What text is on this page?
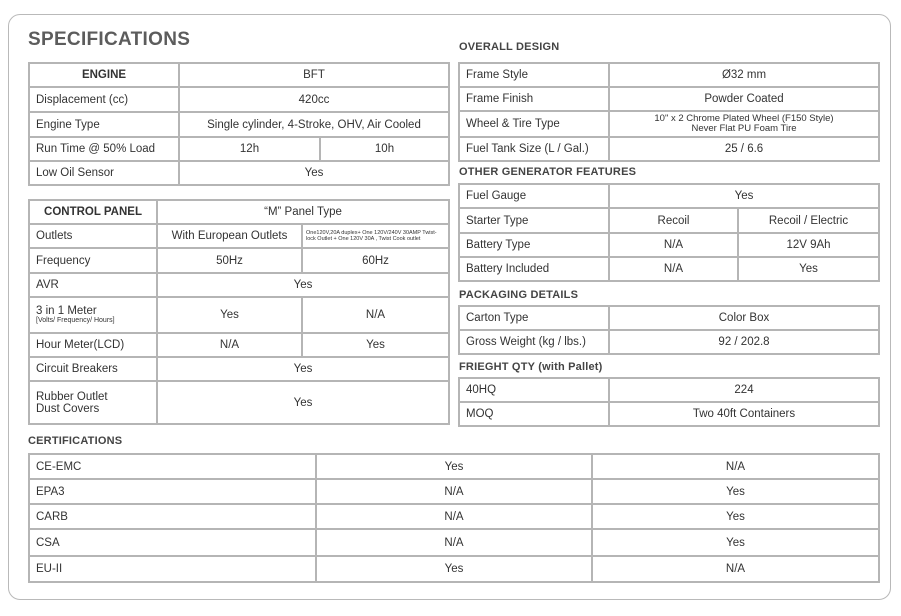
SPECIFICATIONS
ENGINE	BFT	
Displacement (cc)	420cc	
Engine Type	Single cylinder, 4-Stroke, OHV, Air Cooled	
Run Time @ 50% Load	12h	10h
Low Oil Sensor	Yes	
CONTROL PANEL	“M” Panel Type	
Outlets	With European Outlets	One120V,20A duplex+ One 120V/240V 30AMP Twist-lock Outlet + One 120V 30A , Twist Cook outlet
Frequency	50Hz	60Hz
AVR	Yes	
3 in 1 Meter
[Volts/ Frequency/ Hours]	Yes	N/A
Hour Meter(LCD)	N/A	Yes
Circuit Breakers	Yes	
Rubber Outlet
Dust Covers	Yes	
OVERALL DESIGN
Frame Style	Ø32 mm
Frame Finish	Powder Coated
Wheel & Tire Type	10" x 2 Chrome Plated Wheel (F150 Style)
Never Flat PU Foam Tire
Fuel Tank Size (L / Gal.)	25 / 6.6
OTHER GENERATOR FEATURES
Fuel Gauge	Yes	
Starter Type	Recoil	Recoil / Electric
Battery Type	N/A	12V 9Ah
Battery Included	N/A	Yes
PACKAGING DETAILS
Carton Type	Color Box
Gross Weight (kg / lbs.)	92 / 202.8
FRIEGHT QTY (with Pallet)
40HQ	224
MOQ	Two 40ft Containers
CERTIFICATIONS
CE-EMC	Yes	N/A
EPA3	N/A	Yes
CARB	N/A	Yes
CSA	N/A	Yes
EU-II	Yes	N/A
